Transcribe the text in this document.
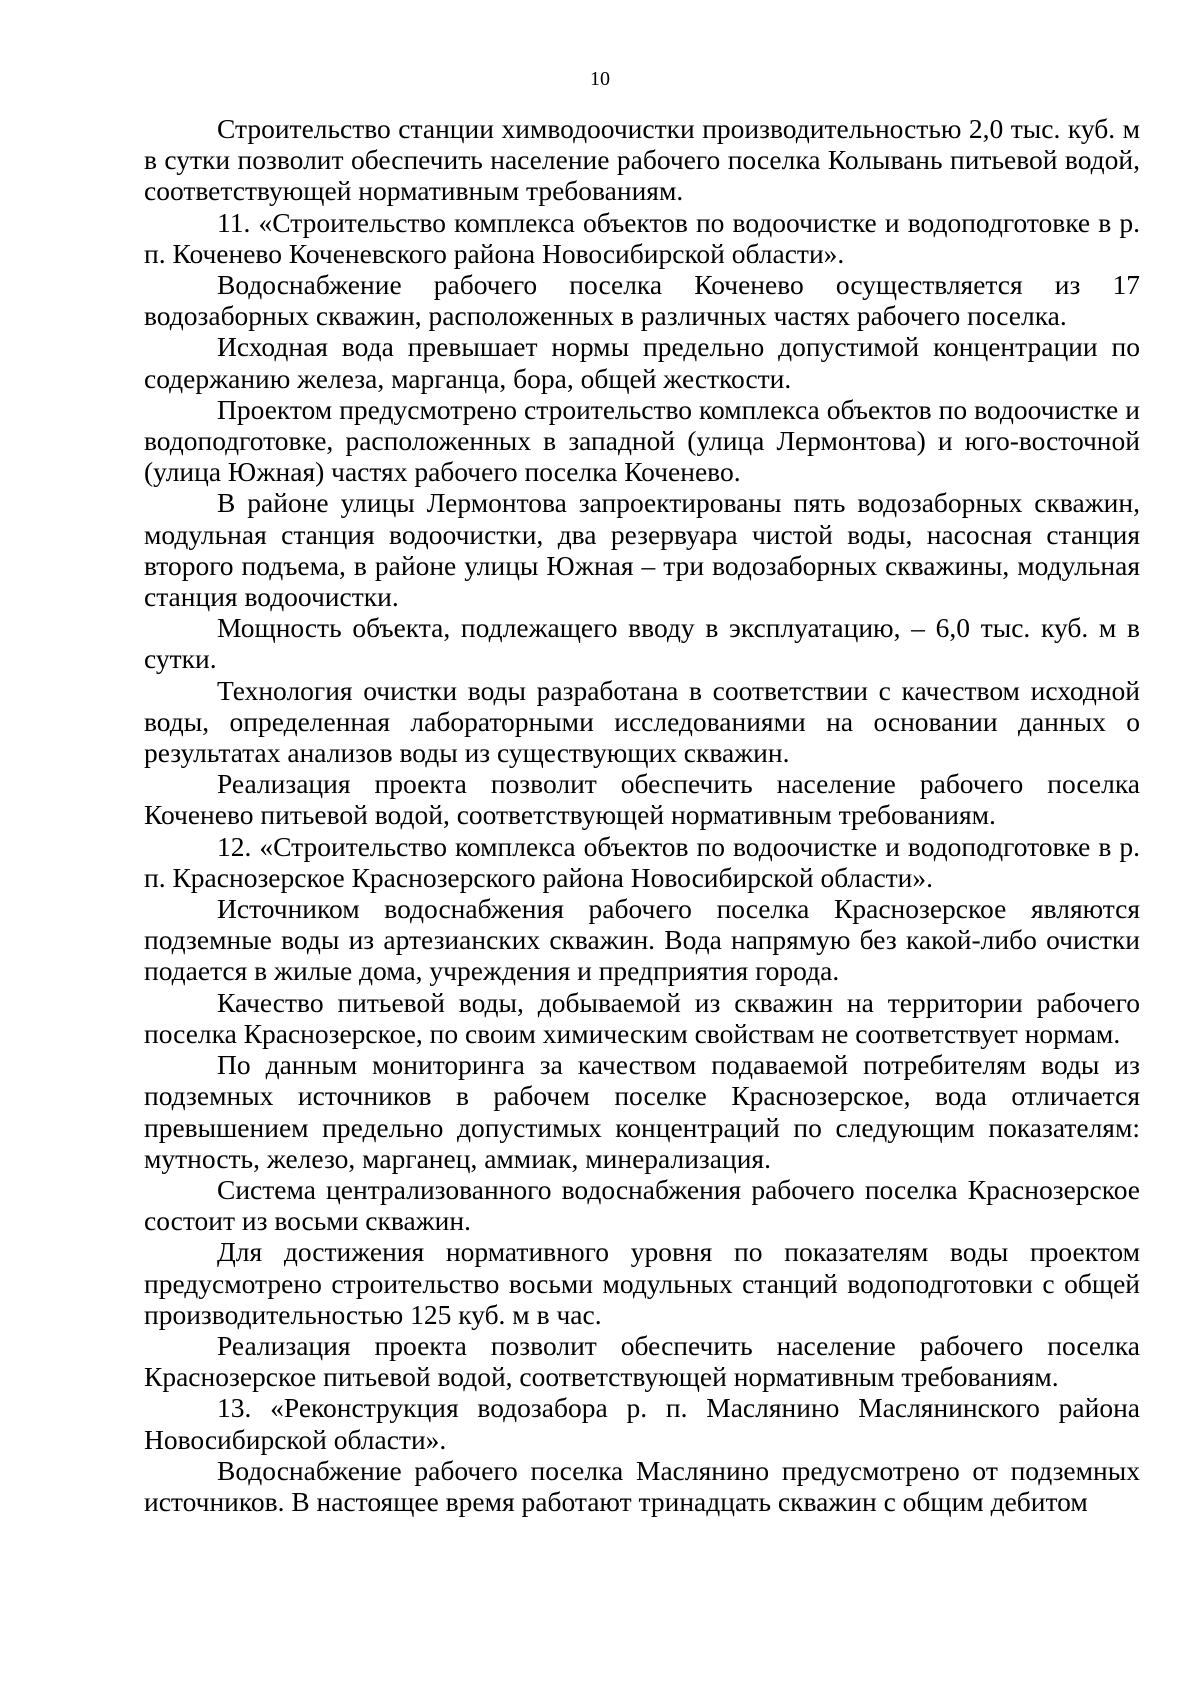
10

Строительство станции химводоочистки производительностью 2,0 тыс. куб. м в сутки позволит обеспечить население рабочего поселка Колывань питьевой водой, соответствующей нормативным требованиям.

11. «Строительство комплекса объектов по водоочистке и водоподготовке в р. п. Коченево Коченевского района Новосибирской области».

Водоснабжение рабочего поселка Коченево осуществляется из 17 водозаборных скважин, расположенных в различных частях рабочего поселка.

Исходная вода превышает нормы предельно допустимой концентрации по содержанию железа, марганца, бора, общей жесткости.

Проектом предусмотрено строительство комплекса объектов по водоочистке и водоподготовке, расположенных в западной (улица Лермонтова) и юго-восточной (улица Южная) частях рабочего поселка Коченево.

В районе улицы Лермонтова запроектированы пять водозаборных скважин, модульная станция водоочистки, два резервуара чистой воды, насосная станция второго подъема, в районе улицы Южная – три водозаборных скважины, модульная станция водоочистки.

Мощность объекта, подлежащего вводу в эксплуатацию, – 6,0 тыс. куб. м в сутки.

Технология очистки воды разработана в соответствии с качеством исходной воды, определенная лабораторными исследованиями на основании данных о результатах анализов воды из существующих скважин.

Реализация проекта позволит обеспечить население рабочего поселка Коченево питьевой водой, соответствующей нормативным требованиям.

12. «Строительство комплекса объектов по водоочистке и водоподготовке в р. п. Краснозерское Краснозерского района Новосибирской области».

Источником водоснабжения рабочего поселка Краснозерское являются подземные воды из артезианских скважин. Вода напрямую без какой-либо очистки подается в жилые дома, учреждения и предприятия города.

Качество питьевой воды, добываемой из скважин на территории рабочего поселка Краснозерское, по своим химическим свойствам не соответствует нормам.

По данным мониторинга за качеством подаваемой потребителям воды из подземных источников в рабочем поселке Краснозерское, вода отличается превышением предельно допустимых концентраций по следующим показателям: мутность, железо, марганец, аммиак, минерализация.

Система централизованного водоснабжения рабочего поселка Краснозерское состоит из восьми скважин.

Для достижения нормативного уровня по показателям воды проектом предусмотрено строительство восьми модульных станций водоподготовки с общей производительностью 125 куб. м в час.

Реализация проекта позволит обеспечить население рабочего поселка Краснозерское питьевой водой, соответствующей нормативным требованиям.

13. «Реконструкция водозабора р. п. Маслянино Маслянинского района Новосибирской области».

Водоснабжение рабочего поселка Маслянино предусмотрено от подземных источников. В настоящее время работают тринадцать скважин с общим дебитом
